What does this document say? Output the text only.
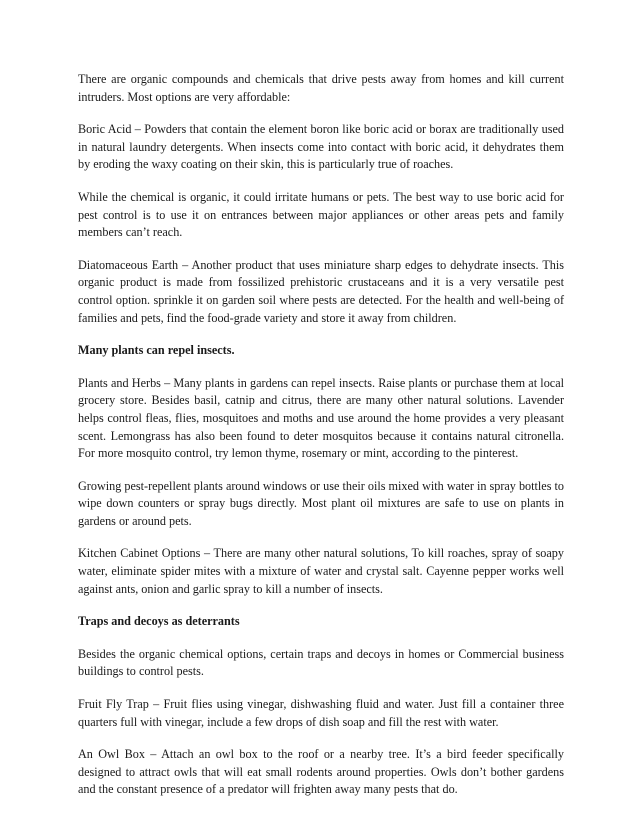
There are organic compounds and chemicals that drive pests away from homes and kill current intruders. Most options are very affordable:

Boric Acid – Powders that contain the element boron like boric acid or borax are traditionally used in natural laundry detergents. When insects come into contact with boric acid, it dehydrates them by eroding the waxy coating on their skin, this is particularly true of roaches.

While the chemical is organic, it could irritate humans or pets. The best way to use boric acid for pest control is to use it on entrances between major appliances or other areas pets and family members can’t reach.

Diatomaceous Earth – Another product that uses miniature sharp edges to dehydrate insects. This organic product is made from fossilized prehistoric crustaceans and it is a very versatile pest control option. sprinkle it on garden soil where pests are detected. For the health and well-being of families and pets, find the food-grade variety and store it away from children.

Many plants can repel insects.

Plants and Herbs – Many plants in gardens can repel insects. Raise plants or purchase them at local grocery store. Besides basil, catnip and citrus, there are many other natural solutions. Lavender helps control fleas, flies, mosquitoes and moths and use around the home provides a very pleasant scent. Lemongrass has also been found to deter mosquitos because it contains natural citronella. For more mosquito control, try lemon thyme, rosemary or mint, according to the pinterest.

Growing pest-repellent plants around windows or use their oils mixed with water in spray bottles to wipe down counters or spray bugs directly. Most plant oil mixtures are safe to use on plants in gardens or around pets.

Kitchen Cabinet Options – There are many other natural solutions, To kill roaches, spray of soapy water, eliminate spider mites with a mixture of water and crystal salt. Cayenne pepper works well against ants, onion and garlic spray to kill a number of insects.

Traps and decoys as deterrants

Besides the organic chemical options, certain traps and decoys in homes or Commercial business buildings to control pests.

Fruit Fly Trap – Fruit flies using vinegar, dishwashing fluid and water. Just fill a container three quarters full with vinegar, include a few drops of dish soap and fill the rest with water.

An Owl Box – Attach an owl box to the roof or a nearby tree. It’s a bird feeder specifically designed to attract owls that will eat small rodents around properties. Owls don’t bother gardens and the constant presence of a predator will frighten away many pests that do.
